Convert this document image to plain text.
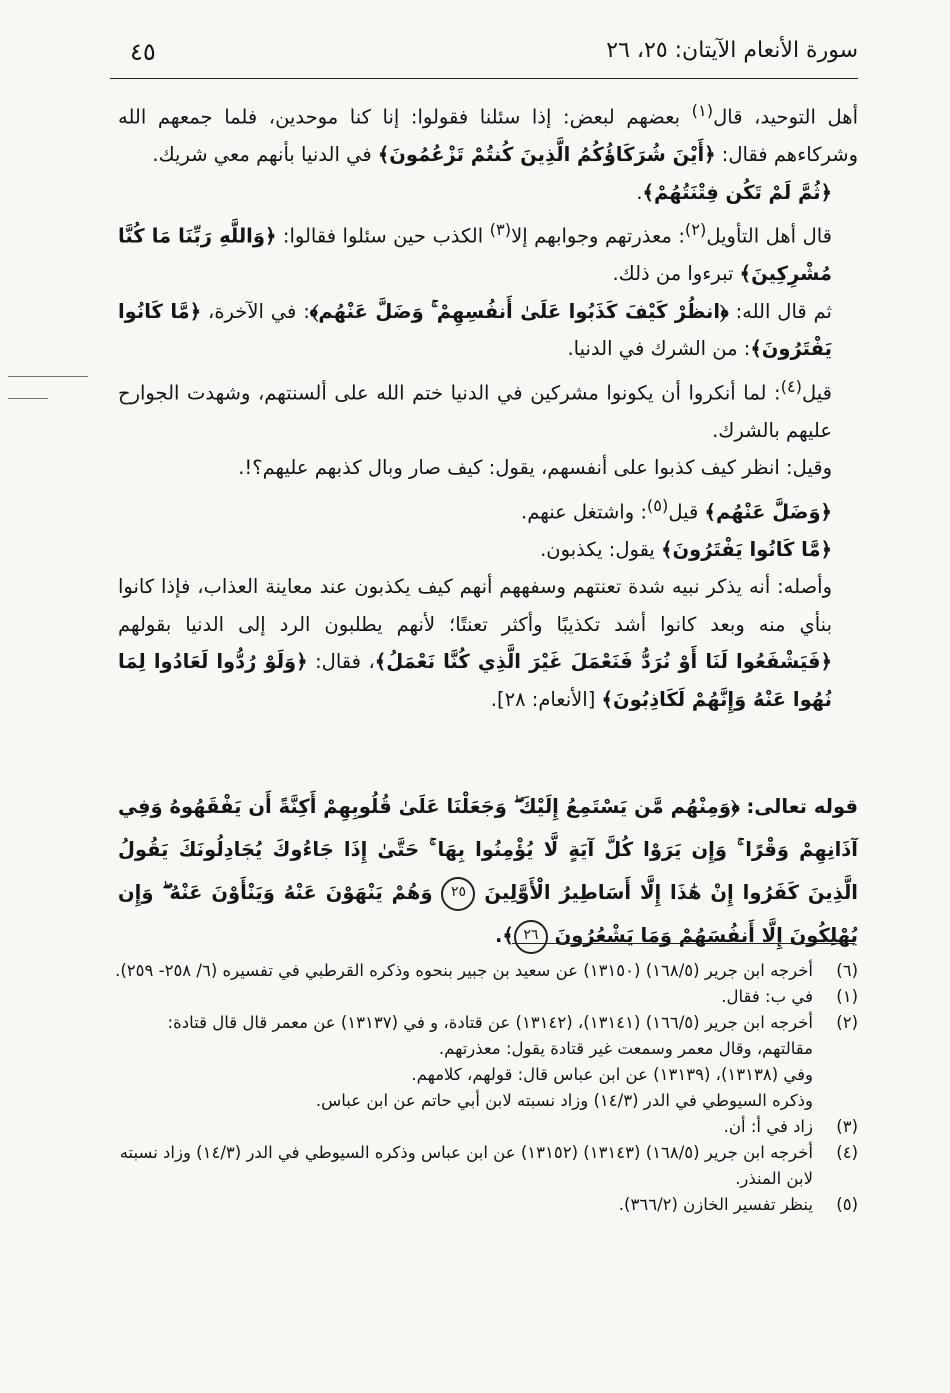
٤٥	سورة الأنعام الآيتان: ٢٥، ٢٦

أهل التوحيد، قال$^{(١)}$ بعضهم لبعض: إذا سئلنا فقولوا: إنا كنا موحدين، فلما جمعهم الله وشركاءهم فقال: ﴿أَيْنَ شُرَكَاؤُكُمُ الَّذِينَ كُنتُمْ تَزْعُمُونَ﴾ في الدنيا بأنهم معي شريك.

﴿ثُمَّ لَمْ تَكُن فِتْنَتُهُمْ﴾.

قال أهل التأويل$^{(٢)}$: معذرتهم وجوابهم إلا$^{(٣)}$ الكذب حين سئلوا فقالوا: ﴿وَاللَّهِ رَبِّنَا مَا كُنَّا مُشْرِكِينَ﴾ تبرءوا من ذلك.

ثم قال الله: ﴿انظُرْ كَيْفَ كَذَبُوا عَلَىٰ أَنفُسِهِمْ ۚ وَضَلَّ عَنْهُم﴾: في الآخرة، ﴿مَّا كَانُوا يَفْتَرُونَ﴾: من الشرك في الدنيا.

قيل$^{(٤)}$: لما أنكروا أن يكونوا مشركين في الدنيا ختم الله على ألسنتهم، وشهدت الجوارح عليهم بالشرك.

وقيل: انظر كيف كذبوا على أنفسهم، يقول: كيف صار وبال كذبهم عليهم؟!.

﴿وَضَلَّ عَنْهُم﴾ قيل$^{(٥)}$: واشتغل عنهم.

﴿مَّا كَانُوا يَفْتَرُونَ﴾ يقول: يكذبون.

وأصله: أنه يذكر نبيه شدة تعنتهم وسفههم أنهم كيف يكذبون عند معاينة العذاب، فإذا كانوا بنأي منه وبعد كانوا أشد تكذيبًا وأكثر تعنتًا؛ لأنهم يطلبون الرد إلى الدنيا بقولهم ﴿فَيَشْفَعُوا لَنَا أَوْ نُرَدُّ فَنَعْمَلَ غَيْرَ الَّذِي كُنَّا نَعْمَلُ﴾، فقال: ﴿وَلَوْ رُدُّوا لَعَادُوا لِمَا نُهُوا عَنْهُ وَإِنَّهُمْ لَكَاذِبُونَ﴾ [الأنعام: ٢٨].

قوله تعالى: ﴿وَمِنْهُم مَّن يَسْتَمِعُ إِلَيْكَ ۖ وَجَعَلْنَا عَلَىٰ قُلُوبِهِمْ أَكِنَّةً أَن يَفْقَهُوهُ وَفِي آذَانِهِمْ وَقْرًا ۚ وَإِن يَرَوْا كُلَّ آيَةٍ لَّا يُؤْمِنُوا بِهَا ۚ حَتَّىٰ إِذَا جَاءُوكَ يُجَادِلُونَكَ يَقُولُ الَّذِينَ كَفَرُوا إِنْ هَٰذَا إِلَّا أَسَاطِيرُ الْأَوَّلِينَ ٢٥ وَهُمْ يَنْهَوْنَ عَنْهُ وَيَنْأَوْنَ عَنْهُ ۖ وَإِن يُهْلِكُونَ إِلَّا أَنفُسَهُمْ وَمَا يَشْعُرُونَ ٢٦﴾.
(٦)
أخرجه ابن جرير (١٦٨/٥) (١٣١٥٠) عن سعيد بن جبير بنحوه وذكره القرطبي في تفسيره (٦/ ٢٥٨- ٢٥٩).
(١)
في ب: فقال.
(٢)
أخرجه ابن جرير (١٦٦/٥) (١٣١٤١)، (١٣١٤٢) عن قتادة، و في (١٣١٣٧) عن معمر قال قال قتادة: مقالتهم، وقال معمر وسمعت غير قتادة يقول: معذرتهم.
وفي (١٣١٣٨)، (١٣١٣٩) عن ابن عباس قال: قولهم، كلامهم.
وذكره السيوطي في الدر (١٤/٣) وزاد نسبته لابن أبي حاتم عن ابن عباس.
(٣)
زاد في أ: أن.
(٤)
أخرجه ابن جرير (١٦٨/٥) (١٣١٤٣) (١٣١٥٢) عن ابن عباس وذكره السيوطي في الدر (١٤/٣) وزاد نسبته لابن المنذر.
(٥)
ينظر تفسير الخازن (٣٦٦/٢).
